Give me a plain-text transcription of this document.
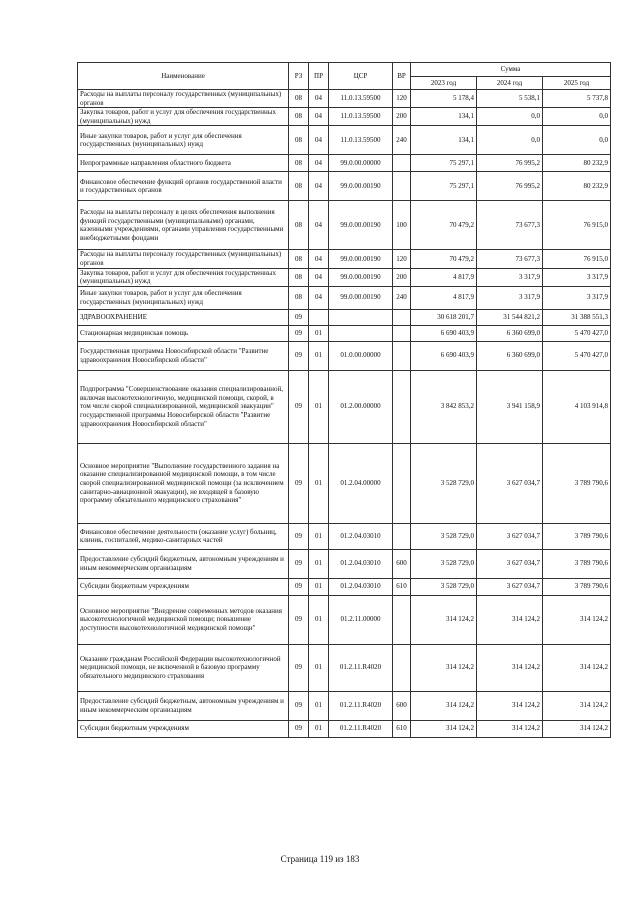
Наименование	РЗ	ПР	ЦСР	ВР	Сумма		
					2023 год	2024 год	2025 год
Расходы на выплаты персоналу государственных (муниципальных) органов	08	04	11.0.13.59500	120	5 178,4	5 538,1	5 737,8
Закупка товаров, работ и услуг для обеспечения государственных (муниципальных) нужд	08	04	11.0.13.59500	200	134,1	0,0	0,0
Иные закупки товаров, работ и услуг для обеспечения государственных (муниципальных) нужд	08	04	11.0.13.59500	240	134,1	0,0	0,0
Непрограммные направления областного бюджета	08	04	99.0.00.00000		75 297,1	76 995,2	80 232,9
Финансовое обеспечение функций органов государственной власти и государственных органов	08	04	99.0.00.00190		75 297,1	76 995,2	80 232,9
Расходы на выплаты персоналу в целях обеспечения выполнения функций государственными (муниципальными) органами, казенными учреждениями, органами управления государственными внебюджетными фондами	08	04	99.0.00.00190	100	70 479,2	73 677,3	76 915,0
Расходы на выплаты персоналу государственных (муниципальных) органов	08	04	99.0.00.00190	120	70 479,2	73 677,3	76 915,0
Закупка товаров, работ и услуг для обеспечения государственных (муниципальных) нужд	08	04	99.0.00.00190	200	4 817,9	3 317,9	3 317,9
Иные закупки товаров, работ и услуг для обеспечения государственных (муниципальных) нужд	08	04	99.0.00.00190	240	4 817,9	3 317,9	3 317,9
ЗДРАВООХРАНЕНИЕ	09				30 618 201,7	31 544 821,2	31 388 551,3
Стационарная медицинская помощь	09	01			6 690 403,9	6 360 699,0	5 470 427,0
Государственная программа Новосибирской области "Развитие здравоохранения Новосибирской области"	09	01	01.0.00.00000		6 690 403,9	6 360 699,0	5 470 427,0
Подпрограмма "Совершенствование оказания специализированной, включая высокотехнологичную, медицинской помощи, скорой, в том числе скорой специализированной, медицинской эвакуации" государственной программы Новосибирской области "Развитие здравоохранения Новосибирской области"	09	01	01.2.00.00000		3 842 853,2	3 941 158,9	4 103 914,8
Основное мероприятие "Выполнение государственного задания на оказание специализированной медицинской помощи, в том числе скорой специализированной медицинской помощи (за исключением санитарно-авиационной эвакуации), не входящей в базовую программу обязательного медицинского страхования"	09	01	01.2.04.00000		3 528 729,0	3 627 034,7	3 789 790,6
Финансовое обеспечение деятельности (оказание услуг) больниц, клиник, госпиталей, медико-санитарных частей	09	01	01.2.04.03010		3 528 729,0	3 627 034,7	3 789 790,6
Предоставление субсидий бюджетным, автономным учреждениям и иным некоммерческим организациям	09	01	01.2.04.03010	600	3 528 729,0	3 627 034,7	3 789 790,6
Субсидии бюджетным учреждениям	09	01	01.2.04.03010	610	3 528 729,0	3 627 034,7	3 789 790,6
Основное мероприятие "Внедрение современных методов оказания высокотехнологичной медицинской помощи; повышение доступности высокотехнологичной медицинской помощи"	09	01	01.2.11.00000		314 124,2	314 124,2	314 124,2
Оказание гражданам Российской Федерации высокотехнологичной медицинской помощи, не включенной в базовую программу обязательного медицинского страхования	09	01	01.2.11.R4020		314 124,2	314 124,2	314 124,2
Предоставление субсидий бюджетным, автономным учреждениям и иным некоммерческим организациям	09	01	01.2.11.R4020	600	314 124,2	314 124,2	314 124,2
Субсидии бюджетным учреждениям	09	01	01.2.11.R4020	610	314 124,2	314 124,2	314 124,2
Страница 119 из 183
